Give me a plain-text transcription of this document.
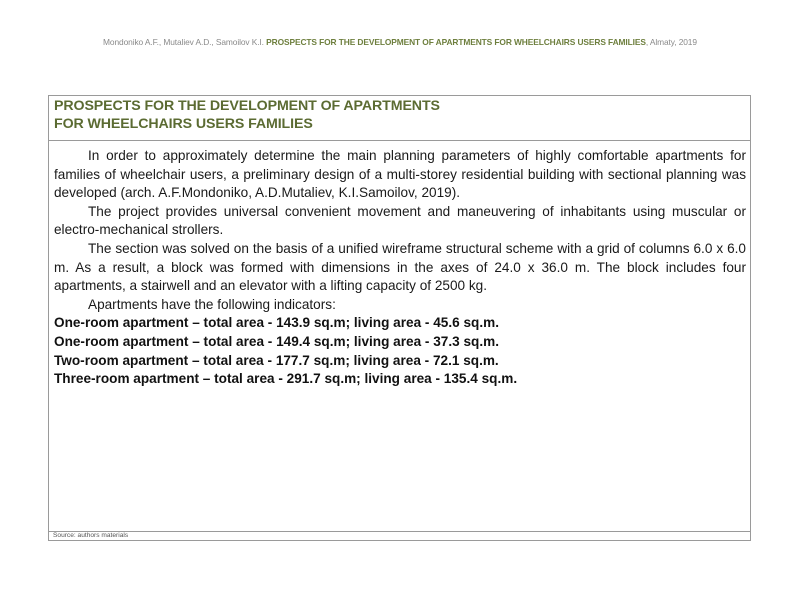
Mondoniko A.F., Mutaliev A.D., Samoilov K.I. PROSPECTS FOR THE DEVELOPMENT OF APARTMENTS FOR WHEELCHAIRS USERS FAMILIES, Almaty, 2019
PROSPECTS FOR THE DEVELOPMENT OF APARTMENTS
FOR WHEELCHAIRS USERS FAMILIES

In order to approximately determine the main planning parameters of highly comfortable apartments for families of wheelchair users, a preliminary design of a multi-storey residential building with sectional planning was developed (arch. A.F.Mondoniko, A.D.Mutaliev, K.I.Samoilov, 2019).

The project provides universal convenient movement and maneuvering of inhabitants using muscular or electro-mechanical strollers.

The section was solved on the basis of a unified wireframe structural scheme with a grid of columns 6.0 x 6.0 m. As a result, a block was formed with dimensions in the axes of 24.0 x 36.0 m. The block includes four apartments, a stairwell and an elevator with a lifting capacity of 2500 kg.

Apartments have the following indicators:

One-room apartment – total area - 143.9 sq.m; living area - 45.6 sq.m.

One-room apartment – total area - 149.4 sq.m; living area - 37.3 sq.m.

Two-room apartment – total area - 177.7 sq.m; living area - 72.1 sq.m.

Three-room apartment – total area - 291.7 sq.m; living area - 135.4 sq.m.

Source: authors materials
